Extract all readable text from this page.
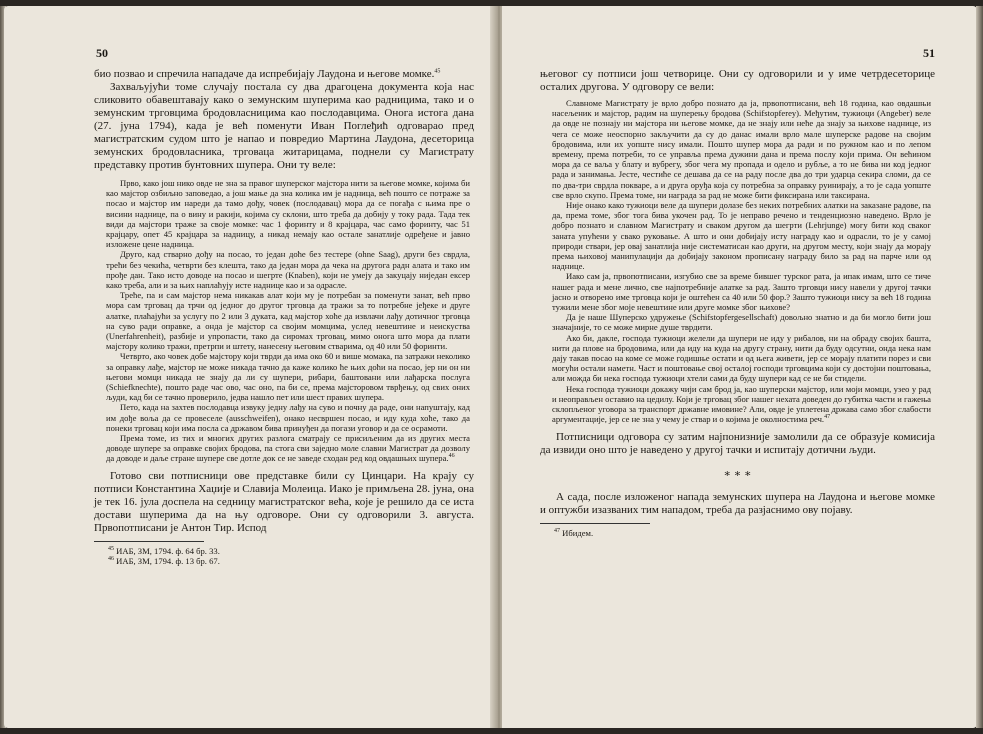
50

био позвао и спречила нападаче да испребијају Лаудона и његове момке.$^{45}$

Захваљујући томе случају постала су два драгоцена документа која нас сликовито обавештавају како о земунским шуперима као радницима, тако и о земунским трговцима бродовласницима као послодавцима. Онога истога дана (27. јуна 1794), када је већ поменути Иван Поглеђић одговарао пред магистратским судом што је напао и повредио Мартина Лаудона, десеторица земунских бродовласника, трговаца житарицама, поднели су Магистрату представку против бунтовних шупера. Они ту веле:

Прво, како још нико овде не зна за правог шуперског мајстора нити за његове момке, којима би као мајстор озбиљно заповедао, а још мање да зна колика им је надница, већ пошто се потраже за посао и мајстор им нареди да тамо дођу, човек (послодавац) мора да се погађа с њима пре о висини наднице, па о вину и ракији, којима су склони, што треба да добију у току рада. Тада тек види да мајстори траже за своје момке: час 1 форинту и 8 крајцара, час само форинту, час 51 крајцару, опет 45 крајцара за надницу, а никад немају као остале занатлије одређене и јавно изложене цене надница.

Друго, кад стварно дођу на посао, то један доће без тестере (ohne Saag), други без сврдла, трећи без чекића, четврти без клешта, тако да један мора да чека на другога радн алата и тако им прође дан. Тако исто доводе на посао и шегрте (Knaben), који не умеју да закуцају ниједан ексер како треба, али и за њих наплаћују исте наднице као и за одрасле.

Треће, па и сам мајстор нема никакав алат који му је потребан за поменути занат, већ прво мора сам трговац да трчи од једног до другог трговца да тражи за то потребне јеђеке и друге алатке, плаћајући за услугу по 2 или 3 дуката, кад мајстор хоће да извлачи лађу дотичног трговца на суво ради оправке, а онда је мајстор са својим момцима, услед невештине и неискуства (Unerfahrenheit), разбије и упропасти, тако да сиромах трговац, мимо онога што мора да плати мајстору колико тражи, претрпи и штету, нанесену његовим стварима, од 40 или 50 форинти.

Четврто, ако човек добе мајстору који тврди да има око 60 и више момака, па затражи неколико за оправку лађе, мајстор не може никада тачно да каже колико ће њих доћи на посао, јер ни он ни његови момци никада не знају да ли су шупери, рибари, баштовани или лађарска послуга (Schiefknechte), пошто раде час ово, час оно, па би се, према мајсторовом тврђењу, од свих оних људи, кад би се тачно проверило, једва нашло пет или шест правих шупера.

Пето, када на захтев послодавца извуку једну лађу на суво и почну да раде, они напуштају, кад им дође воља да се провеселе (ausschweifen), онако несвршен посао, и иду куда хоће, тако да понеки трговац који има посла са државом бива принуђен да погази уговор и да се осрамоти.

Према томе, из тих и многих других разлога сматрају се присиљеним да из других места доводе шупере за оправке својих бродова, па стога сви заједно моле славни Магистрат да дозволу да доводе и даље стране шупере све дотле док се не заведе сходан ред код овдашњих шупера.$^{46}$

Готово сви потписници ове представке били су Цинцари. На крају су потписи Константина Хаџије и Славија Молеица. Иако је примљена 28. јуна, она је тек 16. јула доспела на седницу магистратског већа, које је решило да се иста достави шуперима да на њу одговоре. Они су одговорили 3. августа. Првопотписани је Антон Тир. Испод

$^{45}$ ИАБ, ЗМ, 1794. ф. 64 бр. 33.
$^{46}$ ИАБ, ЗМ, 1794. ф. 13 бр. 67.
51

његовог су потписи још четворице. Они су одговорили и у име четрдесеторице осталих другова. У одговору се вели:

Славноме Магистрату је врло добро познато да ја, првопотписани, већ 18 година, као овдашњи насељеник и мајстор, радим на шуперењу бродова (Schifstopferey). Међутим, тужиоци (Angeber) веле да овде не познају ни мајстора ни његове момке, да не знају или неће да знају за њихове наднице, из чега се може неоспорно закључити да су до данас имали врло мале шуперске радове на својим бродовима, или их уопште нису имали. Пошто шупер мора да ради и по ружном као и по лепом времену, према потреби, то се управља према дужини дана и према послу који прима. Он већином мора да се ваља у блату и вубрегу, због чега му пропада и одело и рубље, а то не бива ни код једног рада и занимања. Јесте, честиће се дешава да се на раду после два до три ударца секира сломи, да се по два-три сврдла покваре, а и друга оруђа која су потребна за оправку руинирају, а то је сада уопште све врло скупо. Према томе, ни награда за рад не може бити фиксирана или таксирана.

Није онако како тужиоци веле да шупери долазе без неких потребних алатки на заказане радове, па да, према томе, због тога бива укочен рад. То је неправо речено и тенденциозно наведено. Врло је добро познато и славном Магистрату и сваком другом да шегрти (Lehrjunge) могу бити код сваког заната упућени у свако руковање. А што и они добијају исту награду као и одрасли, то је у самој природи ствари, јер овај занатлија није систематисан као други, на другом месту, који знају да морају према њиховој манипулацији да добијају законом прописану награду било за рад на парче или од наднице.

Иако сам ја, првопотписани, изгубио све за време бившег турског рата, ја ипак имам, што се тиче нашег рада и мене лично, све најпотребније алатке за рад. Зашто трговци нису навели у другој тачки јасно и отворено име трговца који је оштећен са 40 или 50 фор.? Зашто тужиоци нису за већ 18 година тужили мене због моје невештине или друге момке због њихове?

Да је наше Шуперско удружење (Schifstopfergesellschaft) довољно знатно и да би могло бити још значајније, то се може мирне душе тврдити.

Ако би, дакле, господа тужиоци желели да шупери не иду у рибалов, ни на обраду својих башта, нити да плове на бродовима, или да иду на куда на другу страну, нити да буду одсутни, онда нека нам дају такав посао на коме се може годишње остати и од њега живети, јер се морају платити порез и сви могући остали наметн. Част и поштовање свој осталој господи трговцима који су достојни поштовања, али можда би нека господа тужиоци хтели сами да буду шупери кад се не би стидели.

Нека господа тужиоци докажу чији сам брод ја, као шуперски мајстор, или моји момци, узео у рад и неоправљен оставио на цедилу. Који је трговац због нашег нехата доведен до губитка части и гажења склопљеног уговора за транспорт државне имовине? Али, овде је уплетена држава само због слабости аргументације, јер се не зна у чему је ствар и о којима је околностима реч.$^{47}$

Потписници одговора су затим најпонизније замолили да се образује комисија да извиди оно што је наведено у другој тачки и испитају дотични људи.

∗ ∗ ∗

А сада, после изложеног напада земунских шупера на Лаудона и његове момке и оптужби изазваних тим нападом, треба да разјаснимо ову појаву.

$^{47}$ Ибидем.
